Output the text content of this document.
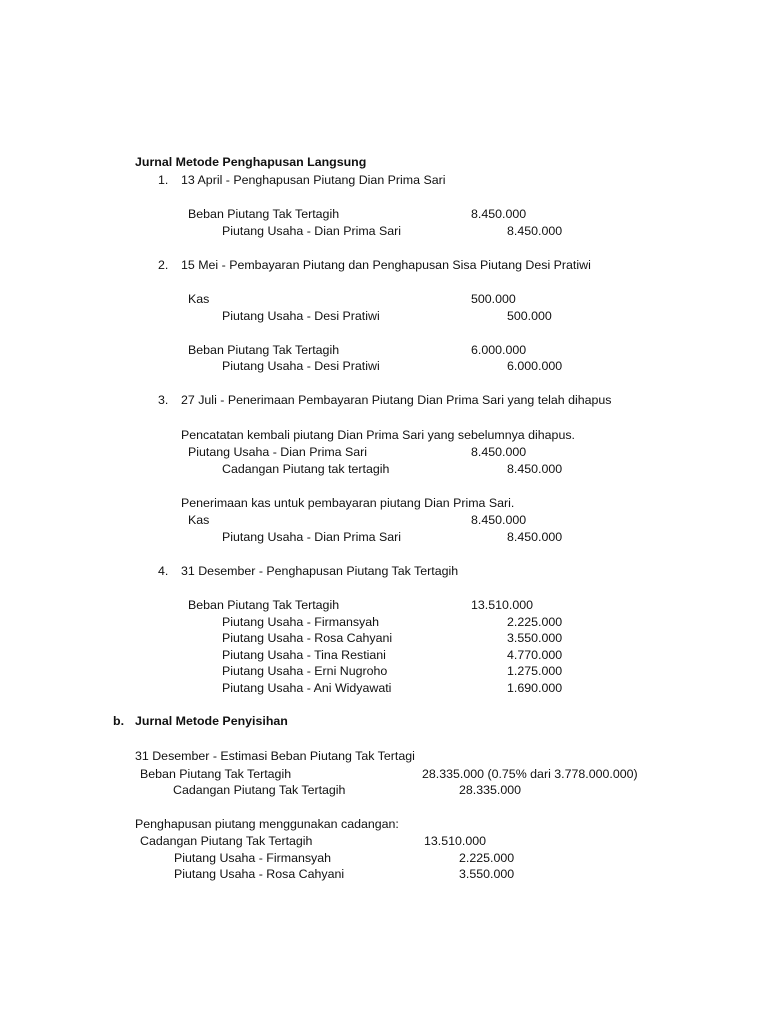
Jurnal Metode Penghapusan Langsung
1. 13 April - Penghapusan Piutang Dian Prima Sari
Beban Piutang Tak Tertagih	8.450.000
Piutang Usaha - Dian Prima Sari	8.450.000
2. 15 Mei - Pembayaran Piutang dan Penghapusan Sisa Piutang Desi Pratiwi
Kas	500.000
Piutang Usaha - Desi Pratiwi	500.000
Beban Piutang Tak Tertagih	6.000.000
Piutang Usaha - Desi Pratiwi	6.000.000
3. 27 Juli - Penerimaan Pembayaran Piutang Dian Prima Sari yang telah dihapus
Pencatatan kembali piutang Dian Prima Sari yang sebelumnya dihapus.
Piutang Usaha - Dian Prima Sari	8.450.000
Cadangan Piutang tak tertagih	8.450.000
Penerimaan kas untuk pembayaran piutang Dian Prima Sari.
Kas	8.450.000
Piutang Usaha - Dian Prima Sari	8.450.000
4. 31 Desember - Penghapusan Piutang Tak Tertagih
Beban Piutang Tak Tertagih	13.510.000
Piutang Usaha - Firmansyah	2.225.000
Piutang Usaha - Rosa Cahyani	3.550.000
Piutang Usaha - Tina Restiani	4.770.000
Piutang Usaha - Erni Nugroho	1.275.000
Piutang Usaha - Ani Widyawati	1.690.000
b. Jurnal Metode Penyisihan
31 Desember - Estimasi Beban Piutang Tak Tertagi
Beban Piutang Tak Tertagih	28.335.000 (0.75% dari 3.778.000.000)
Cadangan Piutang Tak Tertagih	28.335.000
Penghapusan piutang menggunakan cadangan:
Cadangan Piutang Tak Tertagih	13.510.000
Piutang Usaha - Firmansyah	2.225.000
Piutang Usaha - Rosa Cahyani	3.550.000
